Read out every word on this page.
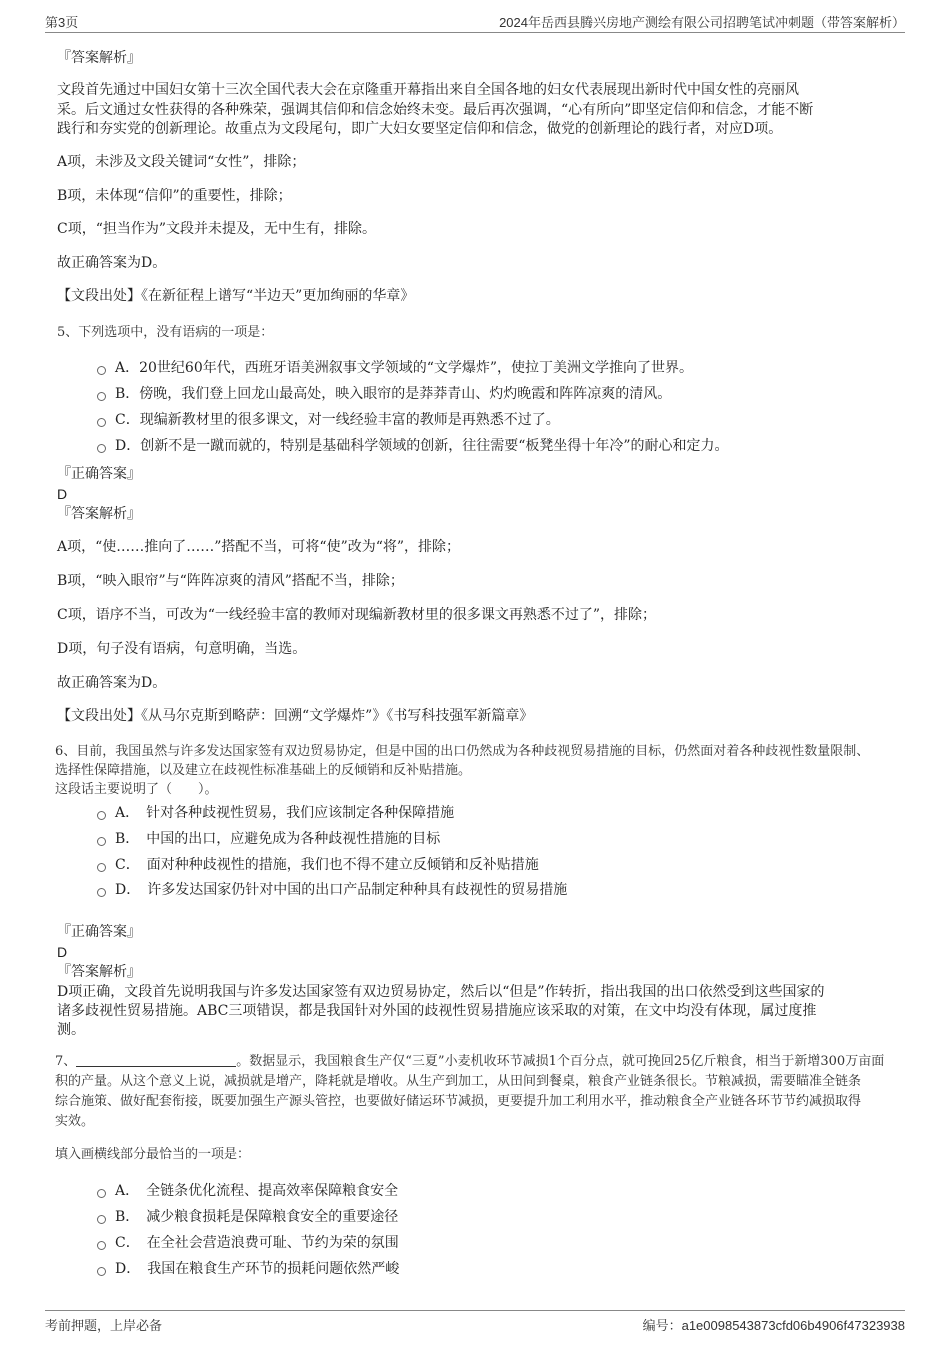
第3页	2024年岳西县腾兴房地产测绘有限公司招聘笔试冲刺题（带答案解析）
『答案解析』
文段首先通过中国妇女第十三次全国代表大会在京隆重开幕指出来自全国各地的妇女代表展现出新时代中国女性的亮丽风
采。后文通过女性获得的各种殊荣，强调其信仰和信念始终未变。最后再次强调，“心有所向”即坚定信仰和信念，才能不断
践行和夯实党的创新理论。故重点为文段尾句，即广大妇女要坚定信仰和信念，做党的创新理论的践行者，对应D项。
A项，未涉及文段关键词“女性”，排除；
B项，未体现“信仰”的重要性，排除；
C项，“担当作为”文段并未提及，无中生有，排除。
故正确答案为D。
【文段出处】《在新征程上谱写“半边天”更加绚丽的华章》
5、下列选项中，没有语病的一项是：
A．20世纪60年代，西班牙语美洲叙事文学领域的“文学爆炸”，使拉丁美洲文学推向了世界。
B．傍晚，我们登上回龙山最高处，映入眼帘的是莽莽青山、灼灼晚霞和阵阵凉爽的清风。
C．现编新教材里的很多课文，对一线经验丰富的教师是再熟悉不过了。
D．创新不是一蹴而就的，特别是基础科学领域的创新，往往需要“板凳坐得十年冷”的耐心和定力。
『正确答案』
D
『答案解析』
A项，“使……推向了……”搭配不当，可将“使”改为“将”，排除；
B项，“映入眼帘”与“阵阵凉爽的清风”搭配不当，排除；
C项，语序不当，可改为“一线经验丰富的教师对现编新教材里的很多课文再熟悉不过了”，排除；
D项，句子没有语病，句意明确，当选。
故正确答案为D。
【文段出处】《从马尔克斯到略萨：回溯“文学爆炸”》《书写科技强军新篇章》
6、目前，我国虽然与许多发达国家签有双边贸易协定，但是中国的出口仍然成为各种歧视贸易措施的目标，仍然面对着各种歧视性数量限制、
选择性保障措施，以及建立在歧视性标准基础上的反倾销和反补贴措施。
这段话主要说明了（　　）。
A．　针对各种歧视性贸易，我们应该制定各种保障措施
B．　中国的出口，应避免成为各种歧视性措施的目标
C．　面对种种歧视性的措施，我们也不得不建立反倾销和反补贴措施
D．　许多发达国家仍针对中国的出口产品制定种种具有歧视性的贸易措施
『正确答案』
D
『答案解析』
D项正确，文段首先说明我国与许多发达国家签有双边贸易协定，然后以“但是”作转折，指出我国的出口依然受到这些国家的
诸多歧视性贸易措施。ABC三项错误，都是我国针对外国的歧视性贸易措施应该采取的对策，在文中均没有体现，属过度推
测。
7、	。数据显示，我国粮食生产仅“三夏”小麦机收环节减损1个百分点，就可挽回25亿斤粮食，相当于新增300万亩面
积的产量。从这个意义上说，减损就是增产，降耗就是增收。从生产到加工，从田间到餐桌，粮食产业链条很长。节粮减损，需要瞄准全链条
综合施策、做好配套衔接，既要加强生产源头管控，也要做好储运环节减损，更要提升加工利用水平，推动粮食全产业链各环节节约减损取得
实效。
填入画横线部分最恰当的一项是：
A．　全链条优化流程、提高效率保障粮食安全
B．　减少粮食损耗是保障粮食安全的重要途径
C．　在全社会营造浪费可耻、节约为荣的氛围
D．　我国在粮食生产环节的损耗问题依然严峻
考前押题，上岸必备	编号：a1e0098543873cfd06b4906f47323938
